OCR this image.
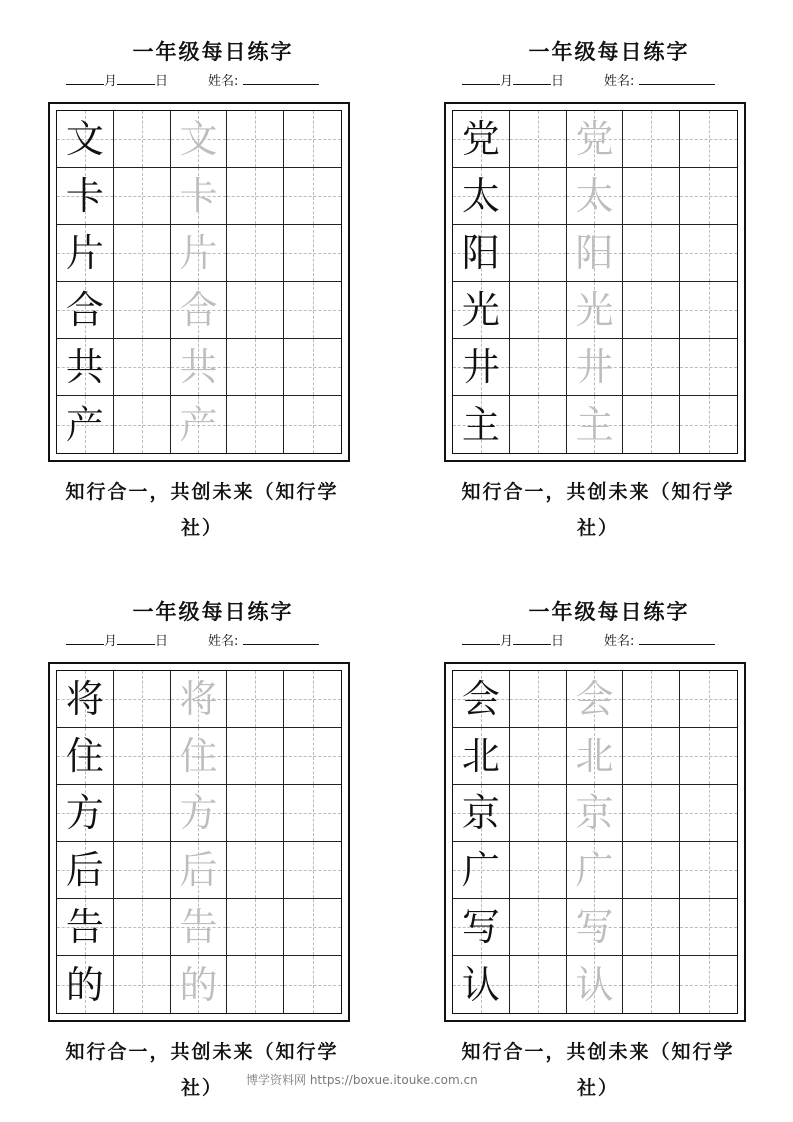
一年级每日练字
月	日	姓名:
文 文
卡 卡
片 片
合 合
共 共
产 产
知行合一，共创未来（知行学社）
一年级每日练字
月	日	姓名:
党 党
太 太
阳 阳
光 光
井 井
主 主
知行合一，共创未来（知行学社）
一年级每日练字
月	日	姓名:
将 将
住 住
方 方
后 后
告 告
的 的
知行合一，共创未来（知行学社）
一年级每日练字
月	日	姓名:
会 会
北 北
京 京
广 广
写 写
认 认
知行合一，共创未来（知行学社）
博学资料网 https://boxue.itouke.com.cn
